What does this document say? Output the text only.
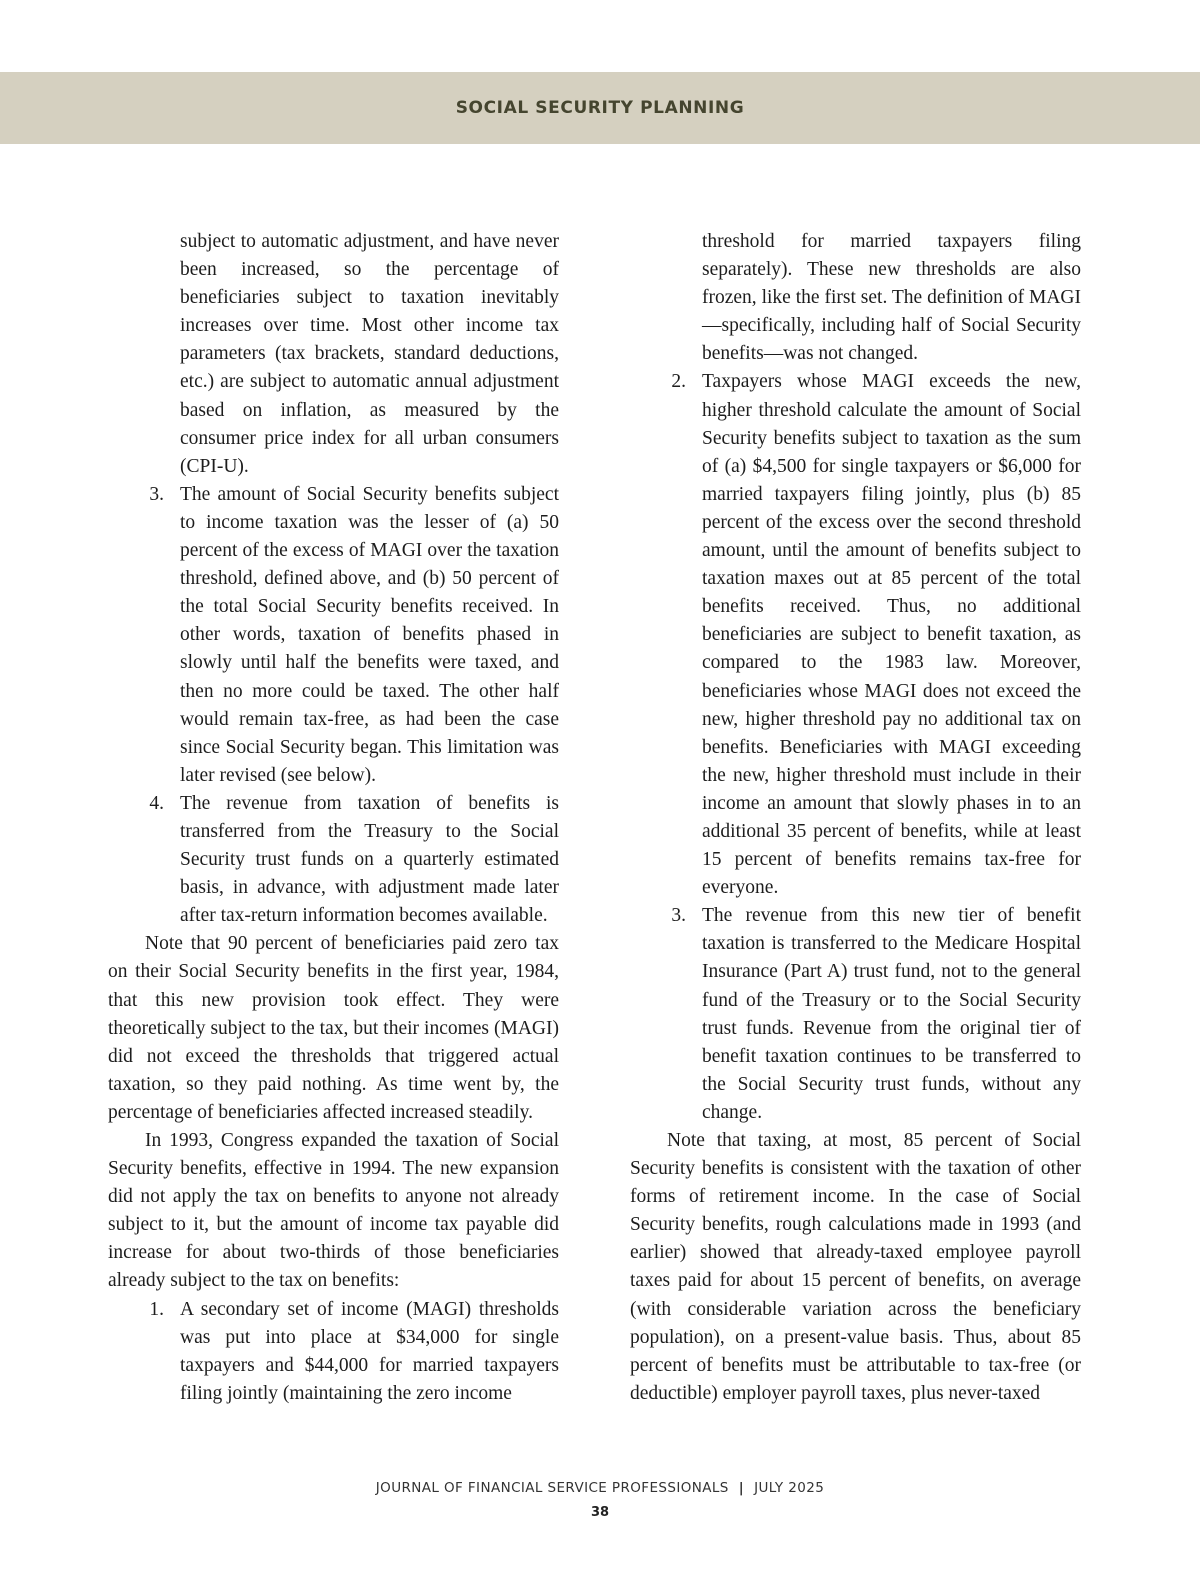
SOCIAL SECURITY PLANNING

subject to automatic adjustment, and have never been increased, so the percentage of beneficiaries subject to taxation inevitably increases over time. Most other income tax parameters (tax brackets, standard deductions, etc.) are subject to automatic annual adjustment based on inflation, as measured by the consumer price index for all urban consumers (CPI-U).

3. The amount of Social Security benefits subject to income taxation was the lesser of (a) 50 percent of the excess of MAGI over the taxation threshold, defined above, and (b) 50 percent of the total Social Security benefits received. In other words, taxation of benefits phased in slowly until half the benefits were taxed, and then no more could be taxed. The other half would remain tax-free, as had been the case since Social Security began. This limitation was later revised (see below).

4. The revenue from taxation of benefits is transferred from the Treasury to the Social Security trust funds on a quarterly estimated basis, in advance, with adjustment made later after tax-return information becomes available.

Note that 90 percent of beneficiaries paid zero tax on their Social Security benefits in the first year, 1984, that this new provision took effect. They were theoretically subject to the tax, but their incomes (MAGI) did not exceed the thresholds that triggered actual taxation, so they paid nothing. As time went by, the percentage of beneficiaries affected increased steadily.

In 1993, Congress expanded the taxation of Social Security benefits, effective in 1994. The new expansion did not apply the tax on benefits to anyone not already subject to it, but the amount of income tax payable did increase for about two-thirds of those beneficiaries already subject to the tax on benefits:

1. A secondary set of income (MAGI) thresholds was put into place at $34,000 for single taxpayers and $44,000 for married taxpayers filing jointly (maintaining the zero income

threshold for married taxpayers filing separately). These new thresholds are also frozen, like the first set. The definition of MAGI—specifically, including half of Social Security benefits—was not changed.

2. Taxpayers whose MAGI exceeds the new, higher threshold calculate the amount of Social Security benefits subject to taxation as the sum of (a) $4,500 for single taxpayers or $6,000 for married taxpayers filing jointly, plus (b) 85 percent of the excess over the second threshold amount, until the amount of benefits subject to taxation maxes out at 85 percent of the total benefits received. Thus, no additional beneficiaries are subject to benefit taxation, as compared to the 1983 law. Moreover, beneficiaries whose MAGI does not exceed the new, higher threshold pay no additional tax on benefits. Beneficiaries with MAGI exceeding the new, higher threshold must include in their income an amount that slowly phases in to an additional 35 percent of benefits, while at least 15 percent of benefits remains tax-free for everyone.

3. The revenue from this new tier of benefit taxation is transferred to the Medicare Hospital Insurance (Part A) trust fund, not to the general fund of the Treasury or to the Social Security trust funds. Revenue from the original tier of benefit taxation continues to be transferred to the Social Security trust funds, without any change.

Note that taxing, at most, 85 percent of Social Security benefits is consistent with the taxation of other forms of retirement income. In the case of Social Security benefits, rough calculations made in 1993 (and earlier) showed that already-taxed employee payroll taxes paid for about 15 percent of benefits, on average (with considerable variation across the beneficiary population), on a present-value basis. Thus, about 85 percent of benefits must be attributable to tax-free (or deductible) employer payroll taxes, plus never-taxed

JOURNAL OF FINANCIAL SERVICE PROFESSIONALS | JULY 2025
38
